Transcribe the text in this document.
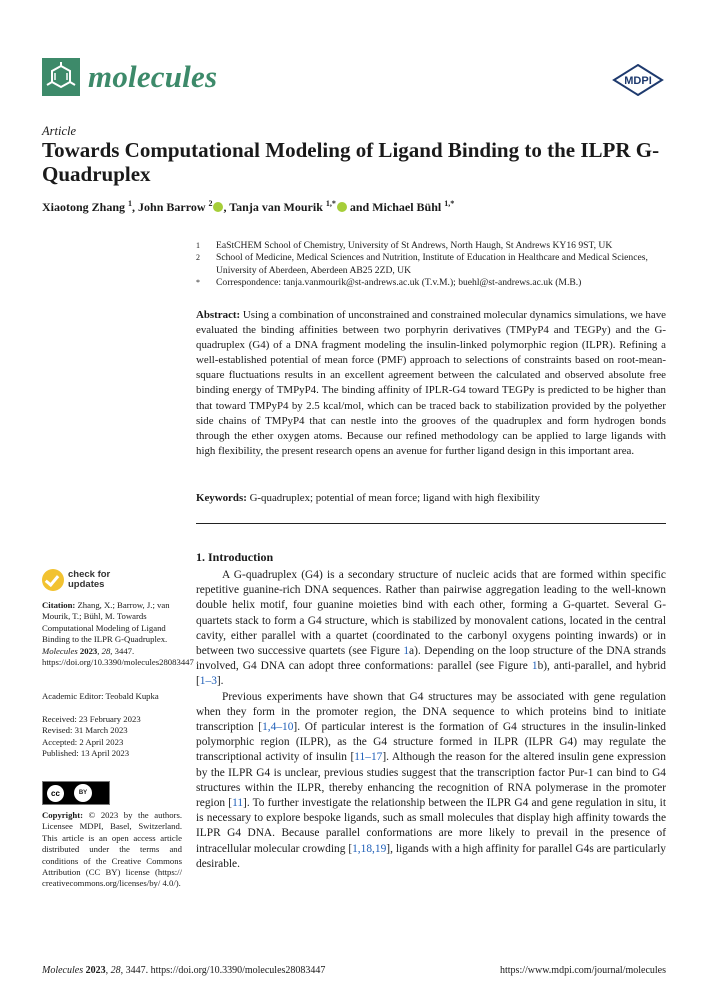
molecules	MDPI
Article
Towards Computational Modeling of Ligand Binding to the ILPR G-Quadruplex
Xiaotong Zhang $^1$, John Barrow $^2$ , Tanja van Mourik $^{1,*}$ and Michael Bühl $^{1,*}$
1	EaStCHEM School of Chemistry, University of St Andrews, North Haugh, St Andrews KY16 9ST, UK
2	School of Medicine, Medical Sciences and Nutrition, Institute of Education in Healthcare and Medical Sciences, University of Aberdeen, Aberdeen AB25 2ZD, UK
*	Correspondence: tanja.vanmourik@st-andrews.ac.uk (T.v.M.); buehl@st-andrews.ac.uk (M.B.)
Abstract: Using a combination of unconstrained and constrained molecular dynamics simulations, we have evaluated the binding affinities between two porphyrin derivatives (TMPyP4 and TEGPy) and the G-quadruplex (G4) of a DNA fragment modeling the insulin-linked polymorphic region (ILPR). Refining a well-established potential of mean force (PMF) approach to selections of constraints based on root-mean-square fluctuations results in an excellent agreement between the calculated and observed absolute free binding energy of TMPyP4. The binding affinity of IPLR-G4 toward TEGPy is predicted to be higher than that toward TMPyP4 by 2.5 kcal/mol, which can be traced back to stabilization provided by the polyether side chains of TMPyP4 that can nestle into the grooves of the quadruplex and form hydrogen bonds through the ether oxygen atoms. Because our refined methodology can be applied to large ligands with high flexibility, the present research opens an avenue for further ligand design in this important area.
Keywords: G-quadruplex; potential of mean force; ligand with high flexibility
check for updates
Citation: Zhang, X.; Barrow, J.; van Mourik, T.; Bühl, M. Towards Computational Modeling of Ligand Binding to the ILPR G-Quadruplex. Molecules 2023, 28, 3447. https://doi.org/10.3390/molecules28083447
Academic Editor: Teobald Kupka
Received: 23 February 2023
Revised: 31 March 2023
Accepted: 2 April 2023
Published: 13 April 2023
cc	BY
Copyright: © 2023 by the authors. Licensee MDPI, Basel, Switzerland. This article is an open access article distributed under the terms and conditions of the Creative Commons Attribution (CC BY) license (https:// creativecommons.org/licenses/by/ 4.0/).
1. Introduction

A G-quadruplex (G4) is a secondary structure of nucleic acids that are formed within specific repetitive guanine-rich DNA sequences. Rather than pairwise aggregation leading to the well-known double helix motif, four guanine moieties bind with each other, forming a G-quartet. Several G-quartets stack to form a G4 structure, which is stabilized by monovalent cations, located in the central cavity, either parallel with a quartet (coordinated to the carbonyl oxygens pointing inwards) or in between two successive quartets (see Figure 1a). Depending on the loop structure of the DNA strands involved, G4 DNA can adopt three conformations: parallel (see Figure 1b), anti-parallel, and hybrid [1–3].

Previous experiments have shown that G4 structures may be associated with gene regulation when they form in the promoter region, the DNA sequence to which proteins bind to initiate transcription [1,4–10]. Of particular interest is the formation of G4 structures in the insulin-linked polymorphic region (ILPR), as the G4 structure formed in ILPR (ILPR G4) may regulate the transcriptional activity of insulin [11–17]. Although the reason for the altered insulin gene expression by the ILPR G4 is unclear, previous studies suggest that the transcription factor Pur-1 can bind to G4 structures within the ILPR, thereby enhancing the recognition of RNA polymerase in the promoter region [11]. To further investigate the relationship between the ILPR G4 and gene regulation in situ, it is necessary to explore bespoke ligands, such as small molecules that display high affinity towards the ILPR G4 DNA. Because parallel conformations are more likely to prevail in the presence of intracellular molecular crowding [1,18,19], ligands with a high affinity for parallel G4s are particularly desirable.

Molecules 2023, 28, 3447. https://doi.org/10.3390/molecules28083447	https://www.mdpi.com/journal/molecules
